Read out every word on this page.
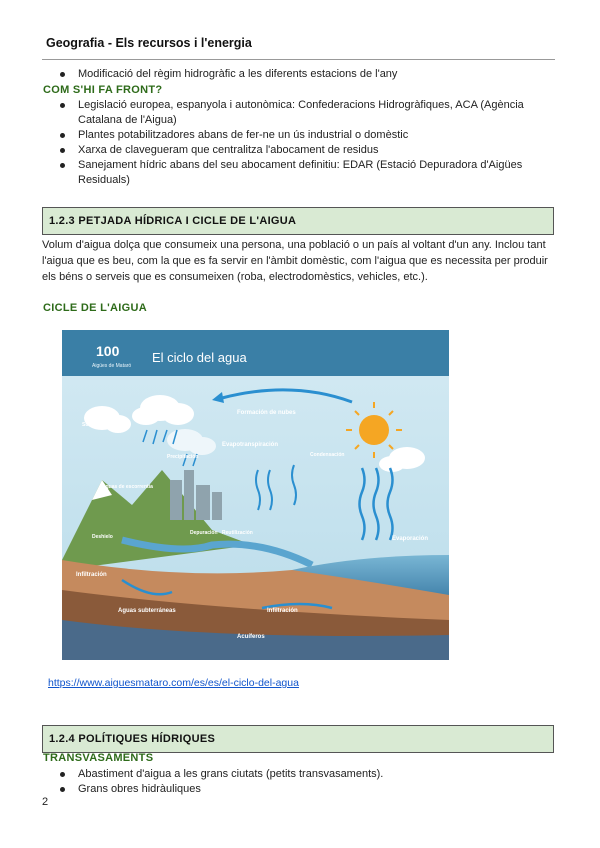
Geografia - Els recursos i l'energia
Modificació del règim hidrogràfic a les diferents estacions de l'any
COM S'HI FA FRONT?
Legislació europea, espanyola i autonòmica: Confederacions Hidrogràfiques, ACA (Agència Catalana de l'Aigua)
Plantes potabilitzadores abans de fer-ne un ús industrial o domèstic
Xarxa de clavegueram que centralitza l'abocament de residus
Sanejament hídric abans del seu abocament definitiu: EDAR (Estació Depuradora d'Aigües Residuals)
1.2.3 PETJADA HÍDRICA I CICLE DE L'AIGUA
Volum d'aigua dolça que consumeix una persona, una població o un país al voltant d'un any. Inclou tant l'aigua que es beu, com la que es fa servir en l'àmbit domèstic, com l'aigua que es necessita per produir els béns o serveis que es consumeixen (roba, electrodomèstics, vehicles, etc.).
CICLE DE L'AIGUA
100
Aigües de Mataró
El ciclo del agua
Formación de nubes
Sublimación
Precipitación
Evapotranspiración
Condensación
Aguas de escorrentía
Deshielo
Depuración Reutilización
Evaporación
Infiltración
Aguas subterráneas	Infiltración
Acuíferos
https://www.aiguesmataro.com/es/es/el-ciclo-del-agua
1.2.4 POLÍTIQUES HÍDRIQUES
TRANSVASAMENTS
Abastiment d'aigua a les grans ciutats (petits transvasaments).
Grans obres hidràuliques
2
